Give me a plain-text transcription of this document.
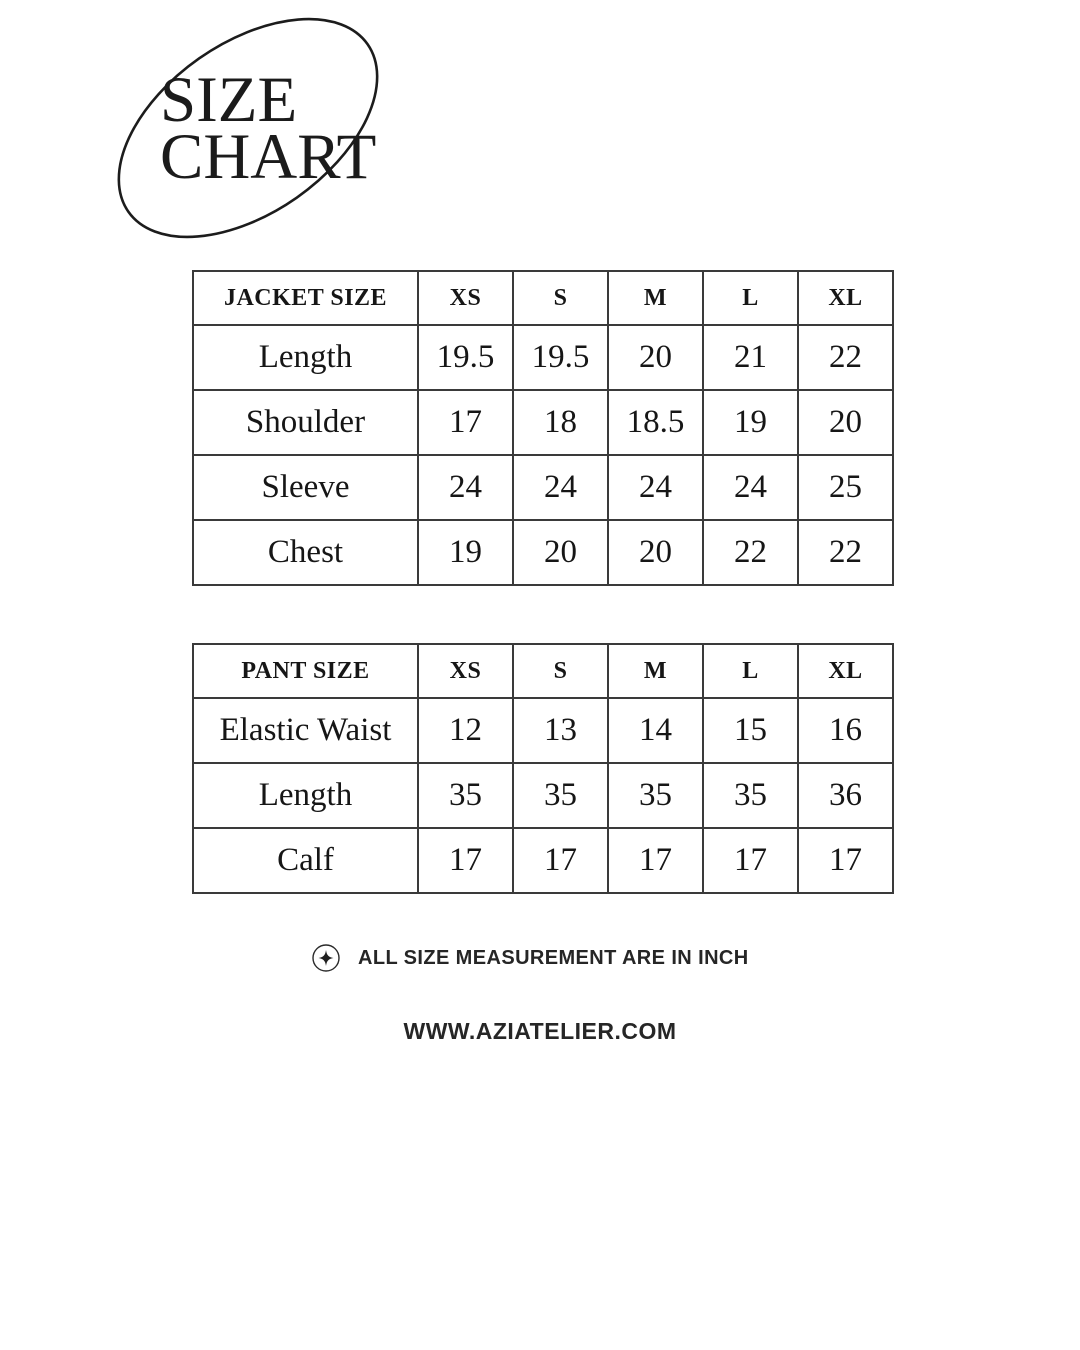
SIZE
CHART
JACKET SIZE	XS	S	M	L	XL
Length	19.5	19.5	20	21	22
Shoulder	17	18	18.5	19	20
Sleeve	24	24	24	24	25
Chest	19	20	20	22	22
PANT SIZE	XS	S	M	L	XL
Elastic Waist	12	13	14	15	16
Length	35	35	35	35	36
Calf	17	17	17	17	17
ALL SIZE MEASUREMENT ARE IN INCH
WWW.AZIATELIER.COM
